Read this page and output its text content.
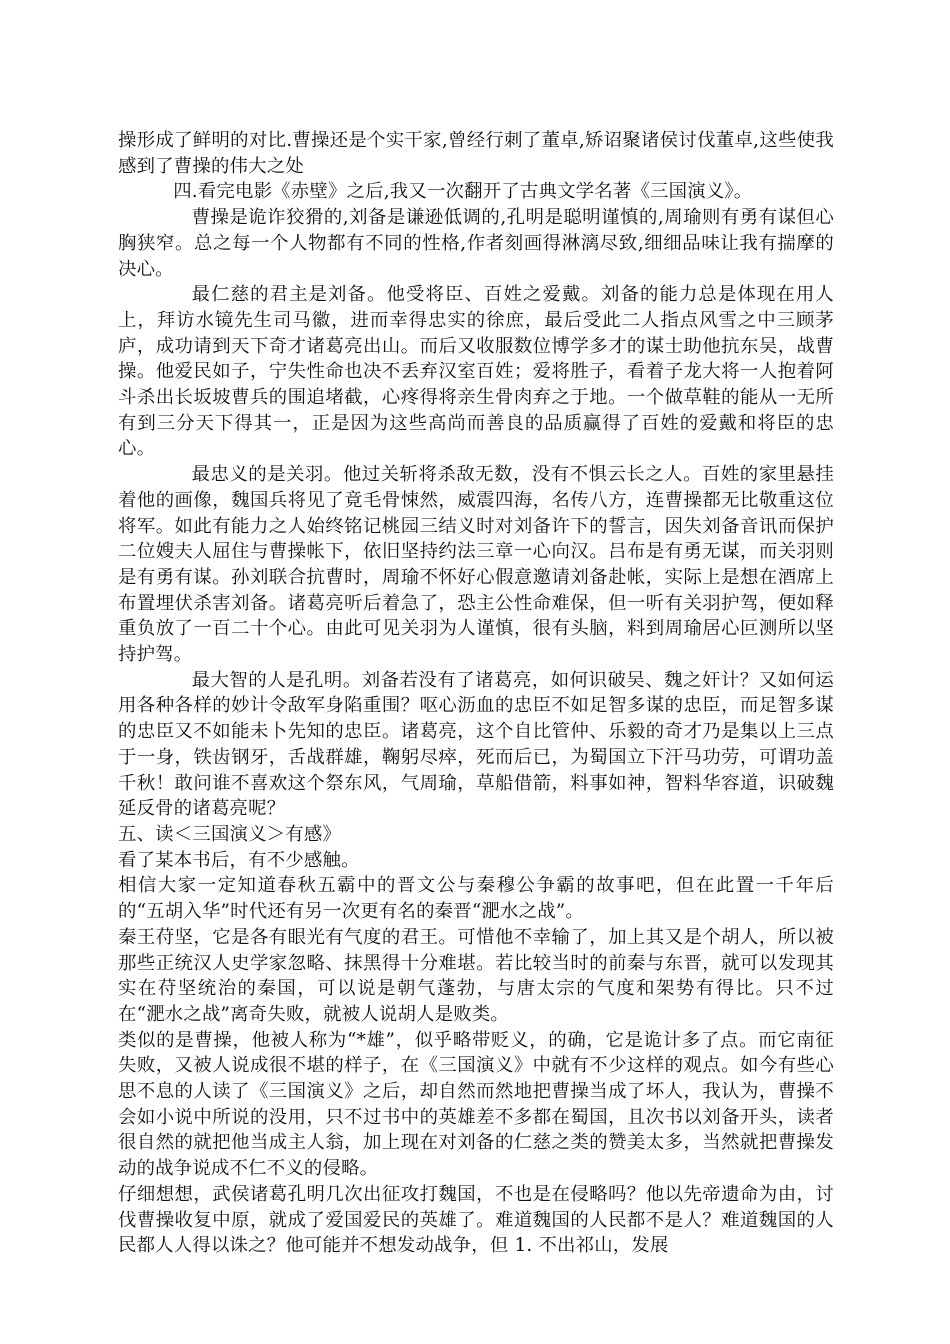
操形成了鲜明的对比.曹操还是个实干家,曾经行刺了董卓,矫诏聚诸侯讨伐董卓,这些使我感到了曹操的伟大之处

四.看完电影《赤壁》之后,我又一次翻开了古典文学名著《三国演义》。

曹操是诡诈狡猾的,刘备是谦逊低调的,孔明是聪明谨慎的,周瑜则有勇有谋但心胸狭窄。总之每一个人物都有不同的性格,作者刻画得淋漓尽致,细细品味让我有揣摩的决心。

最仁慈的君主是刘备。他受将臣、百姓之爱戴。刘备的能力总是体现在用人上，拜访水镜先生司马徽，进而幸得忠实的徐庶，最后受此二人指点风雪之中三顾茅庐，成功请到天下奇才诸葛亮出山。而后又收服数位博学多才的谋士助他抗东吴，战曹操。他爱民如子，宁失性命也决不丢弃汉室百姓；爱将胜子，看着子龙大将一人抱着阿斗杀出长坂坡曹兵的围追堵截，心疼得将亲生骨肉弃之于地。一个做草鞋的能从一无所有到三分天下得其一，正是因为这些高尚而善良的品质赢得了百姓的爱戴和将臣的忠心。

最忠义的是关羽。他过关斩将杀敌无数，没有不惧云长之人。百姓的家里悬挂着他的画像，魏国兵将见了竟毛骨悚然，威震四海，名传八方，连曹操都无比敬重这位将军。如此有能力之人始终铭记桃园三结义时对刘备许下的誓言，因失刘备音讯而保护二位嫂夫人屈住与曹操帐下，依旧坚持约法三章一心向汉。吕布是有勇无谋，而关羽则是有勇有谋。孙刘联合抗曹时，周瑜不怀好心假意邀请刘备赴帐，实际上是想在酒席上布置埋伏杀害刘备。诸葛亮听后着急了，恐主公性命难保，但一听有关羽护驾，便如释重负放了一百二十个心。由此可见关羽为人谨慎，很有头脑，料到周瑜居心叵测所以坚持护驾。

最大智的人是孔明。刘备若没有了诸葛亮，如何识破吴、魏之奸计？又如何运用各种各样的妙计令敌军身陷重围？呕心沥血的忠臣不如足智多谋的忠臣，而足智多谋的忠臣又不如能未卜先知的忠臣。诸葛亮，这个自比管仲、乐毅的奇才乃是集以上三点于一身，铁齿钢牙，舌战群雄，鞠躬尽瘁，死而后已，为蜀国立下汗马功劳，可谓功盖千秋！敢问谁不喜欢这个祭东风，气周瑜，草船借箭，料事如神，智料华容道，识破魏延反骨的诸葛亮呢？

五、读＜三国演义＞有感》

看了某本书后，有不少感触。

相信大家一定知道春秋五霸中的晋文公与秦穆公争霸的故事吧，但在此置一千年后的“五胡入华”时代还有另一次更有名的秦晋“淝水之战”。

秦王苻坚，它是各有眼光有气度的君王。可惜他不幸输了，加上其又是个胡人，所以被那些正统汉人史学家忽略、抹黑得十分难堪。若比较当时的前秦与东晋，就可以发现其实在苻坚统治的秦国，可以说是朝气蓬勃，与唐太宗的气度和架势有得比。只不过在“淝水之战”离奇失败，就被人说胡人是败类。

类似的是曹操，他被人称为“*雄”，似乎略带贬义，的确，它是诡计多了点。而它南征失败，又被人说成很不堪的样子，在《三国演义》中就有不少这样的观点。如今有些心思不息的人读了《三国演义》之后，却自然而然地把曹操当成了坏人，我认为，曹操不会如小说中所说的没用，只不过书中的英雄差不多都在蜀国，且次书以刘备开头，读者很自然的就把他当成主人翁，加上现在对刘备的仁慈之类的赞美太多，当然就把曹操发动的战争说成不仁不义的侵略。

仔细想想，武侯诸葛孔明几次出征攻打魏国，不也是在侵略吗？他以先帝遗命为由，讨伐曹操收复中原，就成了爱国爱民的英雄了。难道魏国的人民都不是人？难道魏国的人民都人人得以诛之？他可能并不想发动战争，但 1. 不出祁山，发展
